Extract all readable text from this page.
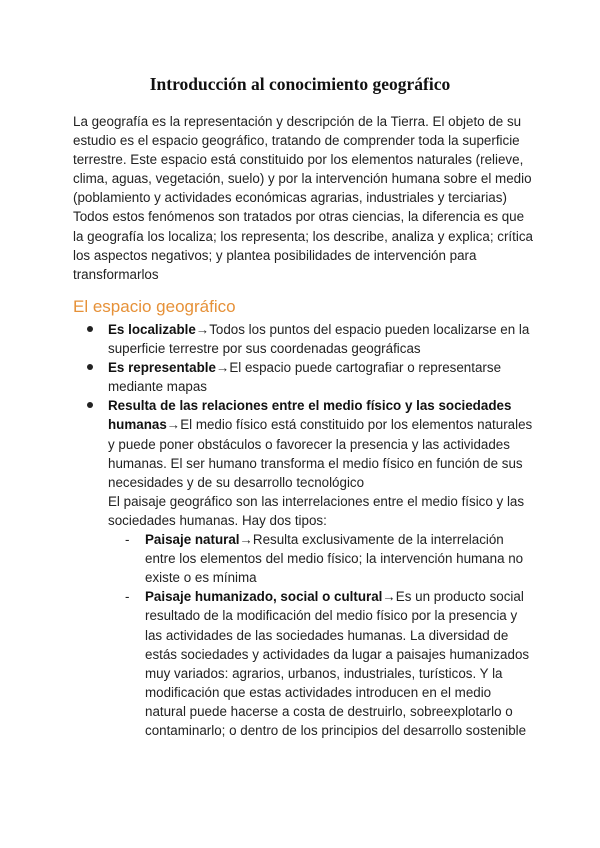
Introducción al conocimiento geográfico

La geografía es la representación y descripción de la Tierra. El objeto de su estudio es el espacio geográfico, tratando de comprender toda la superficie terrestre. Este espacio está constituido por los elementos naturales (relieve, clima, aguas, vegetación, suelo) y por la intervención humana sobre el medio (poblamiento y actividades económicas agrarias, industriales y terciarias) Todos estos fenómenos son tratados por otras ciencias, la diferencia es que la geografía los localiza; los representa; los describe, analiza y explica; crítica los aspectos negativos; y plantea posibilidades de intervención para transformarlos

El espacio geográfico
Es localizable→Todos los puntos del espacio pueden localizarse en la superficie terrestre por sus coordenadas geográficas
Es representable→El espacio puede cartografiar o representarse mediante mapas
Resulta de las relaciones entre el medio físico y las sociedades humanas→El medio físico está constituido por los elementos naturales y puede poner obstáculos o favorecer la presencia y las actividades humanas. El ser humano transforma el medio físico en función de sus necesidades y de su desarrollo tecnológico
El paisaje geográfico son las interrelaciones entre el medio físico y las sociedades humanas. Hay dos tipos:
- Paisaje natural→Resulta exclusivamente de la interrelación entre los elementos del medio físico; la intervención humana no existe o es mínima
- Paisaje humanizado, social o cultural→Es un producto social resultado de la modificación del medio físico por la presencia y las actividades de las sociedades humanas. La diversidad de estás sociedades y actividades da lugar a paisajes humanizados muy variados: agrarios, urbanos, industriales, turísticos. Y la modificación que estas actividades introducen en el medio natural puede hacerse a costa de destruirlo, sobreexplotarlo o contaminarlo; o dentro de los principios del desarrollo sostenible
